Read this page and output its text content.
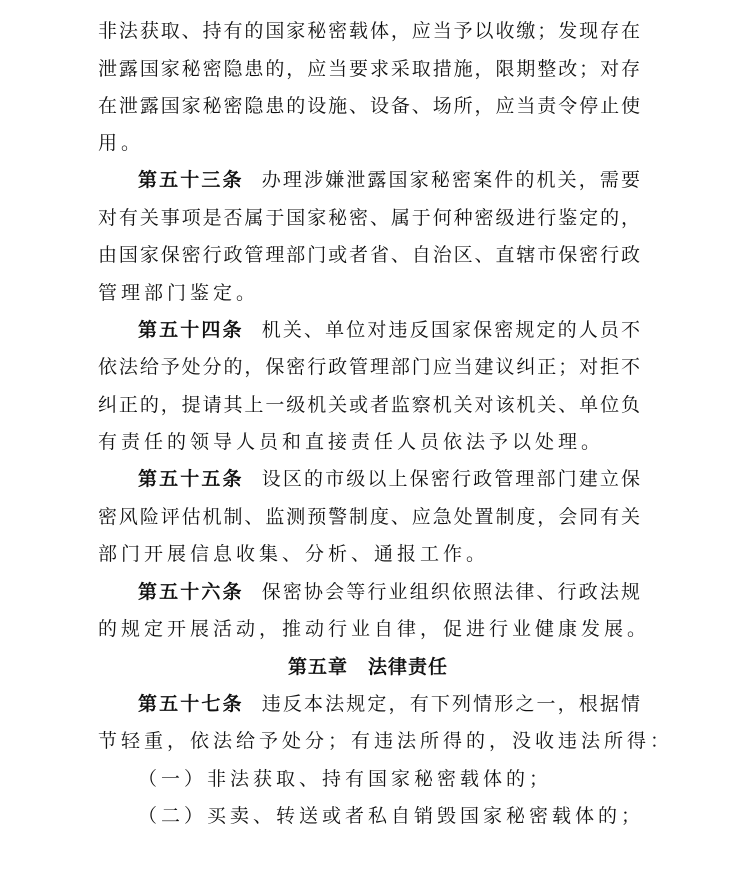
非法获取、持有的国家秘密载体，应当予以收缴；发现存在
泄露国家秘密隐患的，应当要求采取措施，限期整改；对存
在泄露国家秘密隐患的设施、设备、场所，应当责令停止使
用。
第五十三条 办理涉嫌泄露国家秘密案件的机关，需要
对有关事项是否属于国家秘密、属于何种密级进行鉴定的，
由国家保密行政管理部门或者省、自治区、直辖市保密行政
管理部门鉴定。
第五十四条 机关、单位对违反国家保密规定的人员不
依法给予处分的，保密行政管理部门应当建议纠正；对拒不
纠正的，提请其上一级机关或者监察机关对该机关、单位负
有责任的领导人员和直接责任人员依法予以处理。
第五十五条 设区的市级以上保密行政管理部门建立保
密风险评估机制、监测预警制度、应急处置制度，会同有关
部门开展信息收集、分析、通报工作。
第五十六条 保密协会等行业组织依照法律、行政法规
的规定开展活动，推动行业自律，促进行业健康发展。
第五章　法律责任
第五十七条 违反本法规定，有下列情形之一，根据情
节轻重，依法给予处分；有违法所得的，没收违法所得：
（一）非法获取、持有国家秘密载体的；
（二）买卖、转送或者私自销毁国家秘密载体的；
